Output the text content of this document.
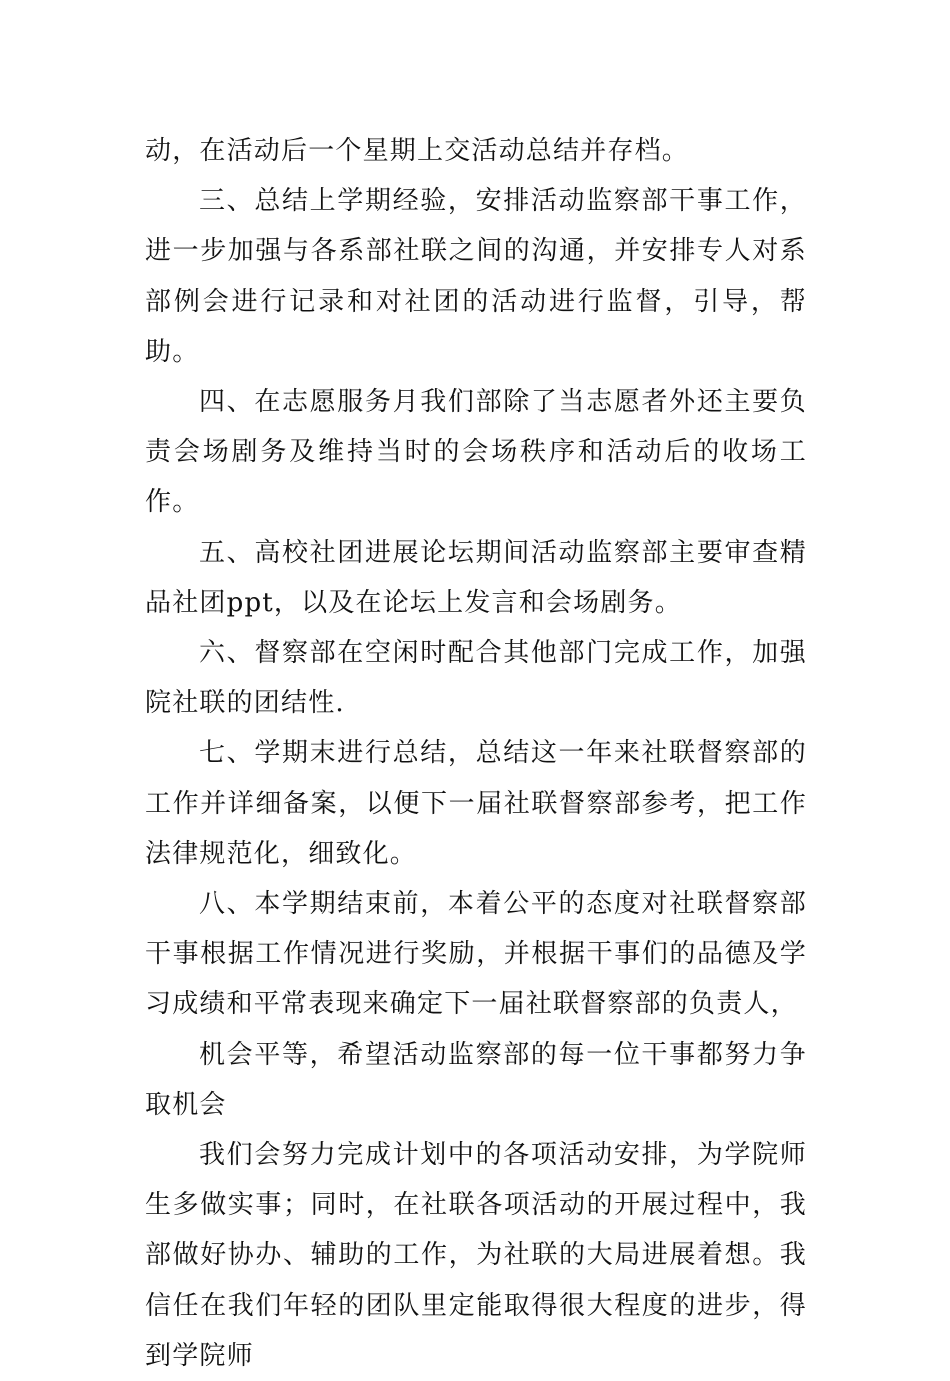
动，在活动后一个星期上交活动总结并存档。

三、总结上学期经验，安排活动监察部干事工作，进一步加强与各系部社联之间的沟通，并安排专人对系部例会进行记录和对社团的活动进行监督，引导，帮助。

四、在志愿服务月我们部除了当志愿者外还主要负责会场剧务及维持当时的会场秩序和活动后的收场工作。

五、高校社团进展论坛期间活动监察部主要审查精品社团ppt，以及在论坛上发言和会场剧务。

六、督察部在空闲时配合其他部门完成工作，加强院社联的团结性.

七、学期末进行总结，总结这一年来社联督察部的工作并详细备案，以便下一届社联督察部参考，把工作法律规范化，细致化。

八、本学期结束前，本着公平的态度对社联督察部干事根据工作情况进行奖励，并根据干事们的品德及学习成绩和平常表现来确定下一届社联督察部的负责人，

机会平等，希望活动监察部的每一位干事都努力争取机会

我们会努力完成计划中的各项活动安排，为学院师生多做实事；同时，在社联各项活动的开展过程中，我部做好协办、辅助的工作，为社联的大局进展着想。我信任在我们年轻的团队里定能取得很大程度的进步，得到学院师
